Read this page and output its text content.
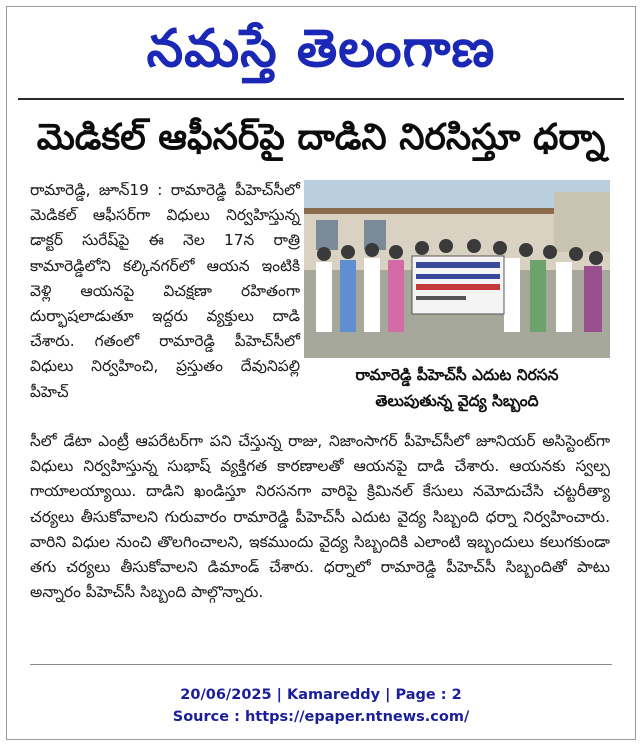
నమస్తే తెలంగాణ
మెడికల్ ఆఫీసర్‌పై దాడిని నిరసిస్తూ ధర్నా

రామారెడ్డి, జూన్19 : రామారెడ్డి పీహెచ్‌సీలో మెడికల్ ఆఫీసర్‌గా విధులు నిర్వహిస్తున్న డాక్టర్ సురేష్‌పై ఈ నెల 17న రాత్రి కామారెడ్డిలోని కల్కినగర్‌లో ఆయన ఇంటికి వెళ్లి ఆయనపై విచక్షణా రహితంగా దుర్భాషలాడుతూ ఇద్దరు వ్యక్తులు దాడి చేశారు. గతంలో రామారెడ్డి పీహెచ్‌సీలో విధులు నిర్వహించి, ప్రస్తుతం దేవునిపల్లి పీహెచ్

రామారెడ్డి పీహెచ్‌సీ ఎదుట నిరసన
తెలుపుతున్న వైద్య సిబ్బంది

సీలో డేటా ఎంట్రీ ఆపరేటర్‌గా పని చేస్తున్న రాజు, నిజాంసాగర్ పీహెచ్‌సీలో జూనియర్ అసిస్టెంట్‌గా విధులు నిర్వహిస్తున్న సుభాష్ వ్యక్తిగత కారణాలతో ఆయనపై దాడి చేశారు. ఆయనకు స్వల్ప గాయాలయ్యాయి. దాడిని ఖండిస్తూ నిరసనగా వారిపై క్రిమినల్ కేసులు నమోదుచేసి చట్టరీత్యా చర్యలు తీసుకోవాలని గురువారం రామారెడ్డి పీహెచ్‌సీ ఎదుట వైద్య సిబ్బంది ధర్నా నిర్వహించారు. వారిని విధుల నుంచి తొలగించాలని, ఇకముందు వైద్య సిబ్బందికి ఎలాంటి ఇబ్బందులు కలుగకుండా తగు చర్యలు తీసుకోవాలని డిమాండ్ చేశారు. ధర్నాలో రామారెడ్డి పీహెచ్‌సీ సిబ్బందితో పాటు అన్నారం పీహెచ్‌సీ సిబ్బంది పాల్గొన్నారు.

20/06/2025 | Kamareddy | Page : 2
Source : https://epaper.ntnews.com/
